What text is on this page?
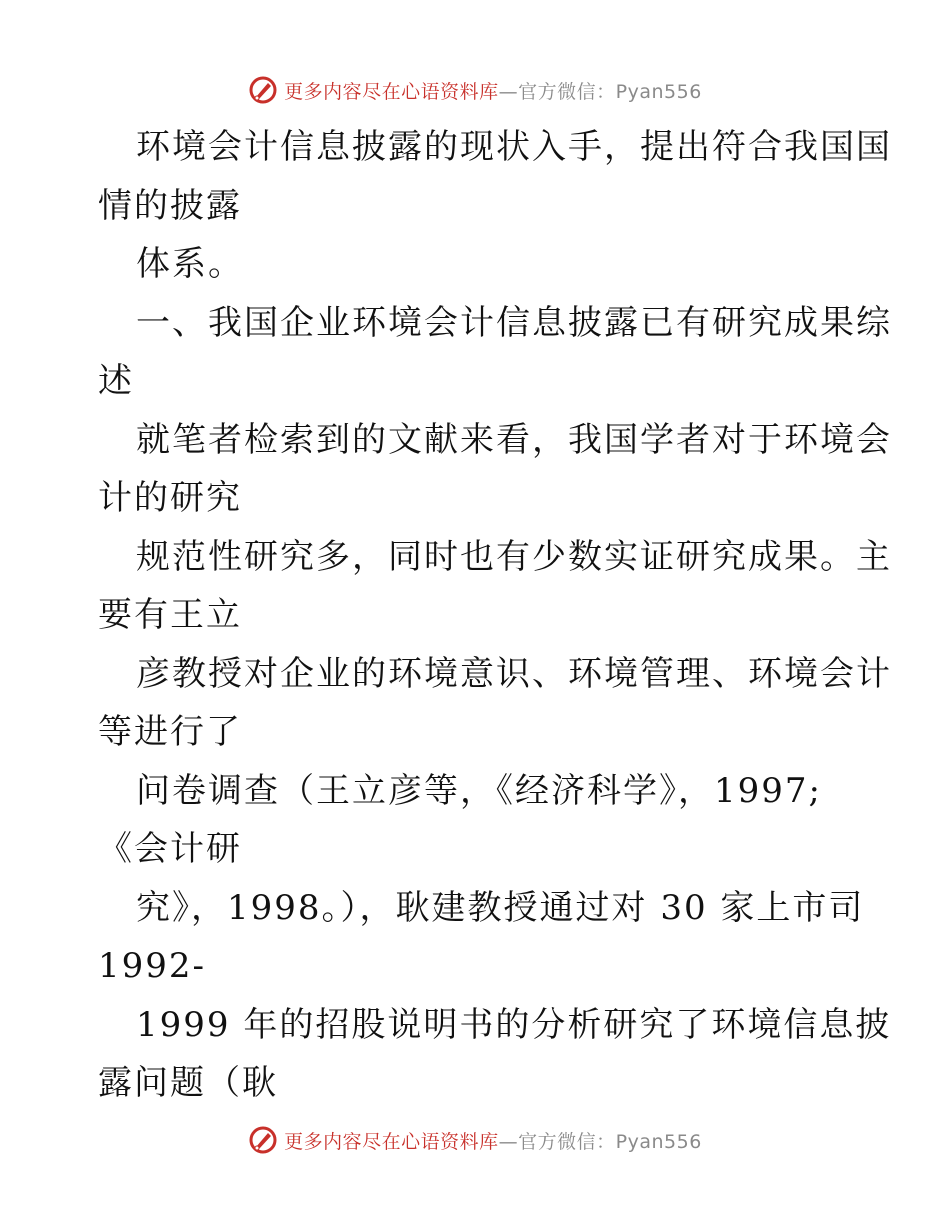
更多内容尽在心语资料库—官方微信：Pyan556
环境会计信息披露的现状入手，提出符合我国国
情的披露
体系。
一、我国企业环境会计信息披露已有研究成果综
述
就笔者检索到的文献来看，我国学者对于环境会
计的研究
规范性研究多，同时也有少数实证研究成果。主
要有王立
彦教授对企业的环境意识、环境管理、环境会计
等进行了
问卷调查（王立彦等，《经济科学》，1997;
《会计研
究》，1998。），耿建教授通过对 30 家上市司
1992-
1999 年的招股说明书的分析研究了环境信息披
露问题（耿
更多内容尽在心语资料库—官方微信：Pyan556
